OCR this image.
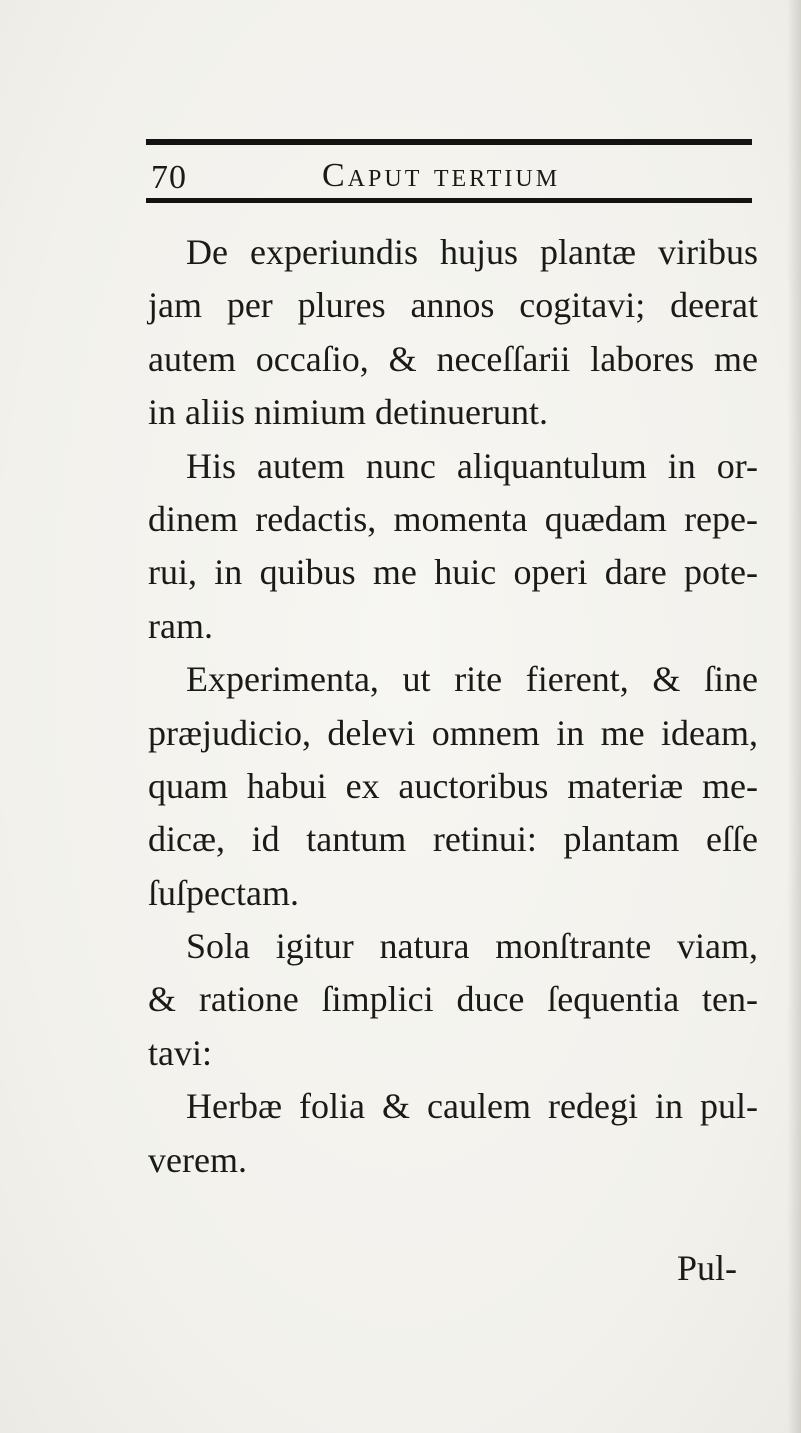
70	Caput tertium
De experiundis hujus plantæ viribus
jam per plures annos cogitavi; deerat
autem occaſio, & neceſſarii labores me
in aliis nimium detinuerunt.
His autem nunc aliquantulum in or-
dinem redactis, momenta quædam repe-
rui, in quibus me huic operi dare pote-
ram.
Experimenta, ut rite fierent, & ſine
præjudicio, delevi omnem in me ideam,
quam habui ex auctoribus materiæ me-
dicæ, id tantum retinui: plantam eſſe
ſuſpectam.
Sola igitur natura monſtrante viam,
& ratione ſimplici duce ſequentia ten-
tavi:
Herbæ folia & caulem redegi in pul-
verem.
Pul-
